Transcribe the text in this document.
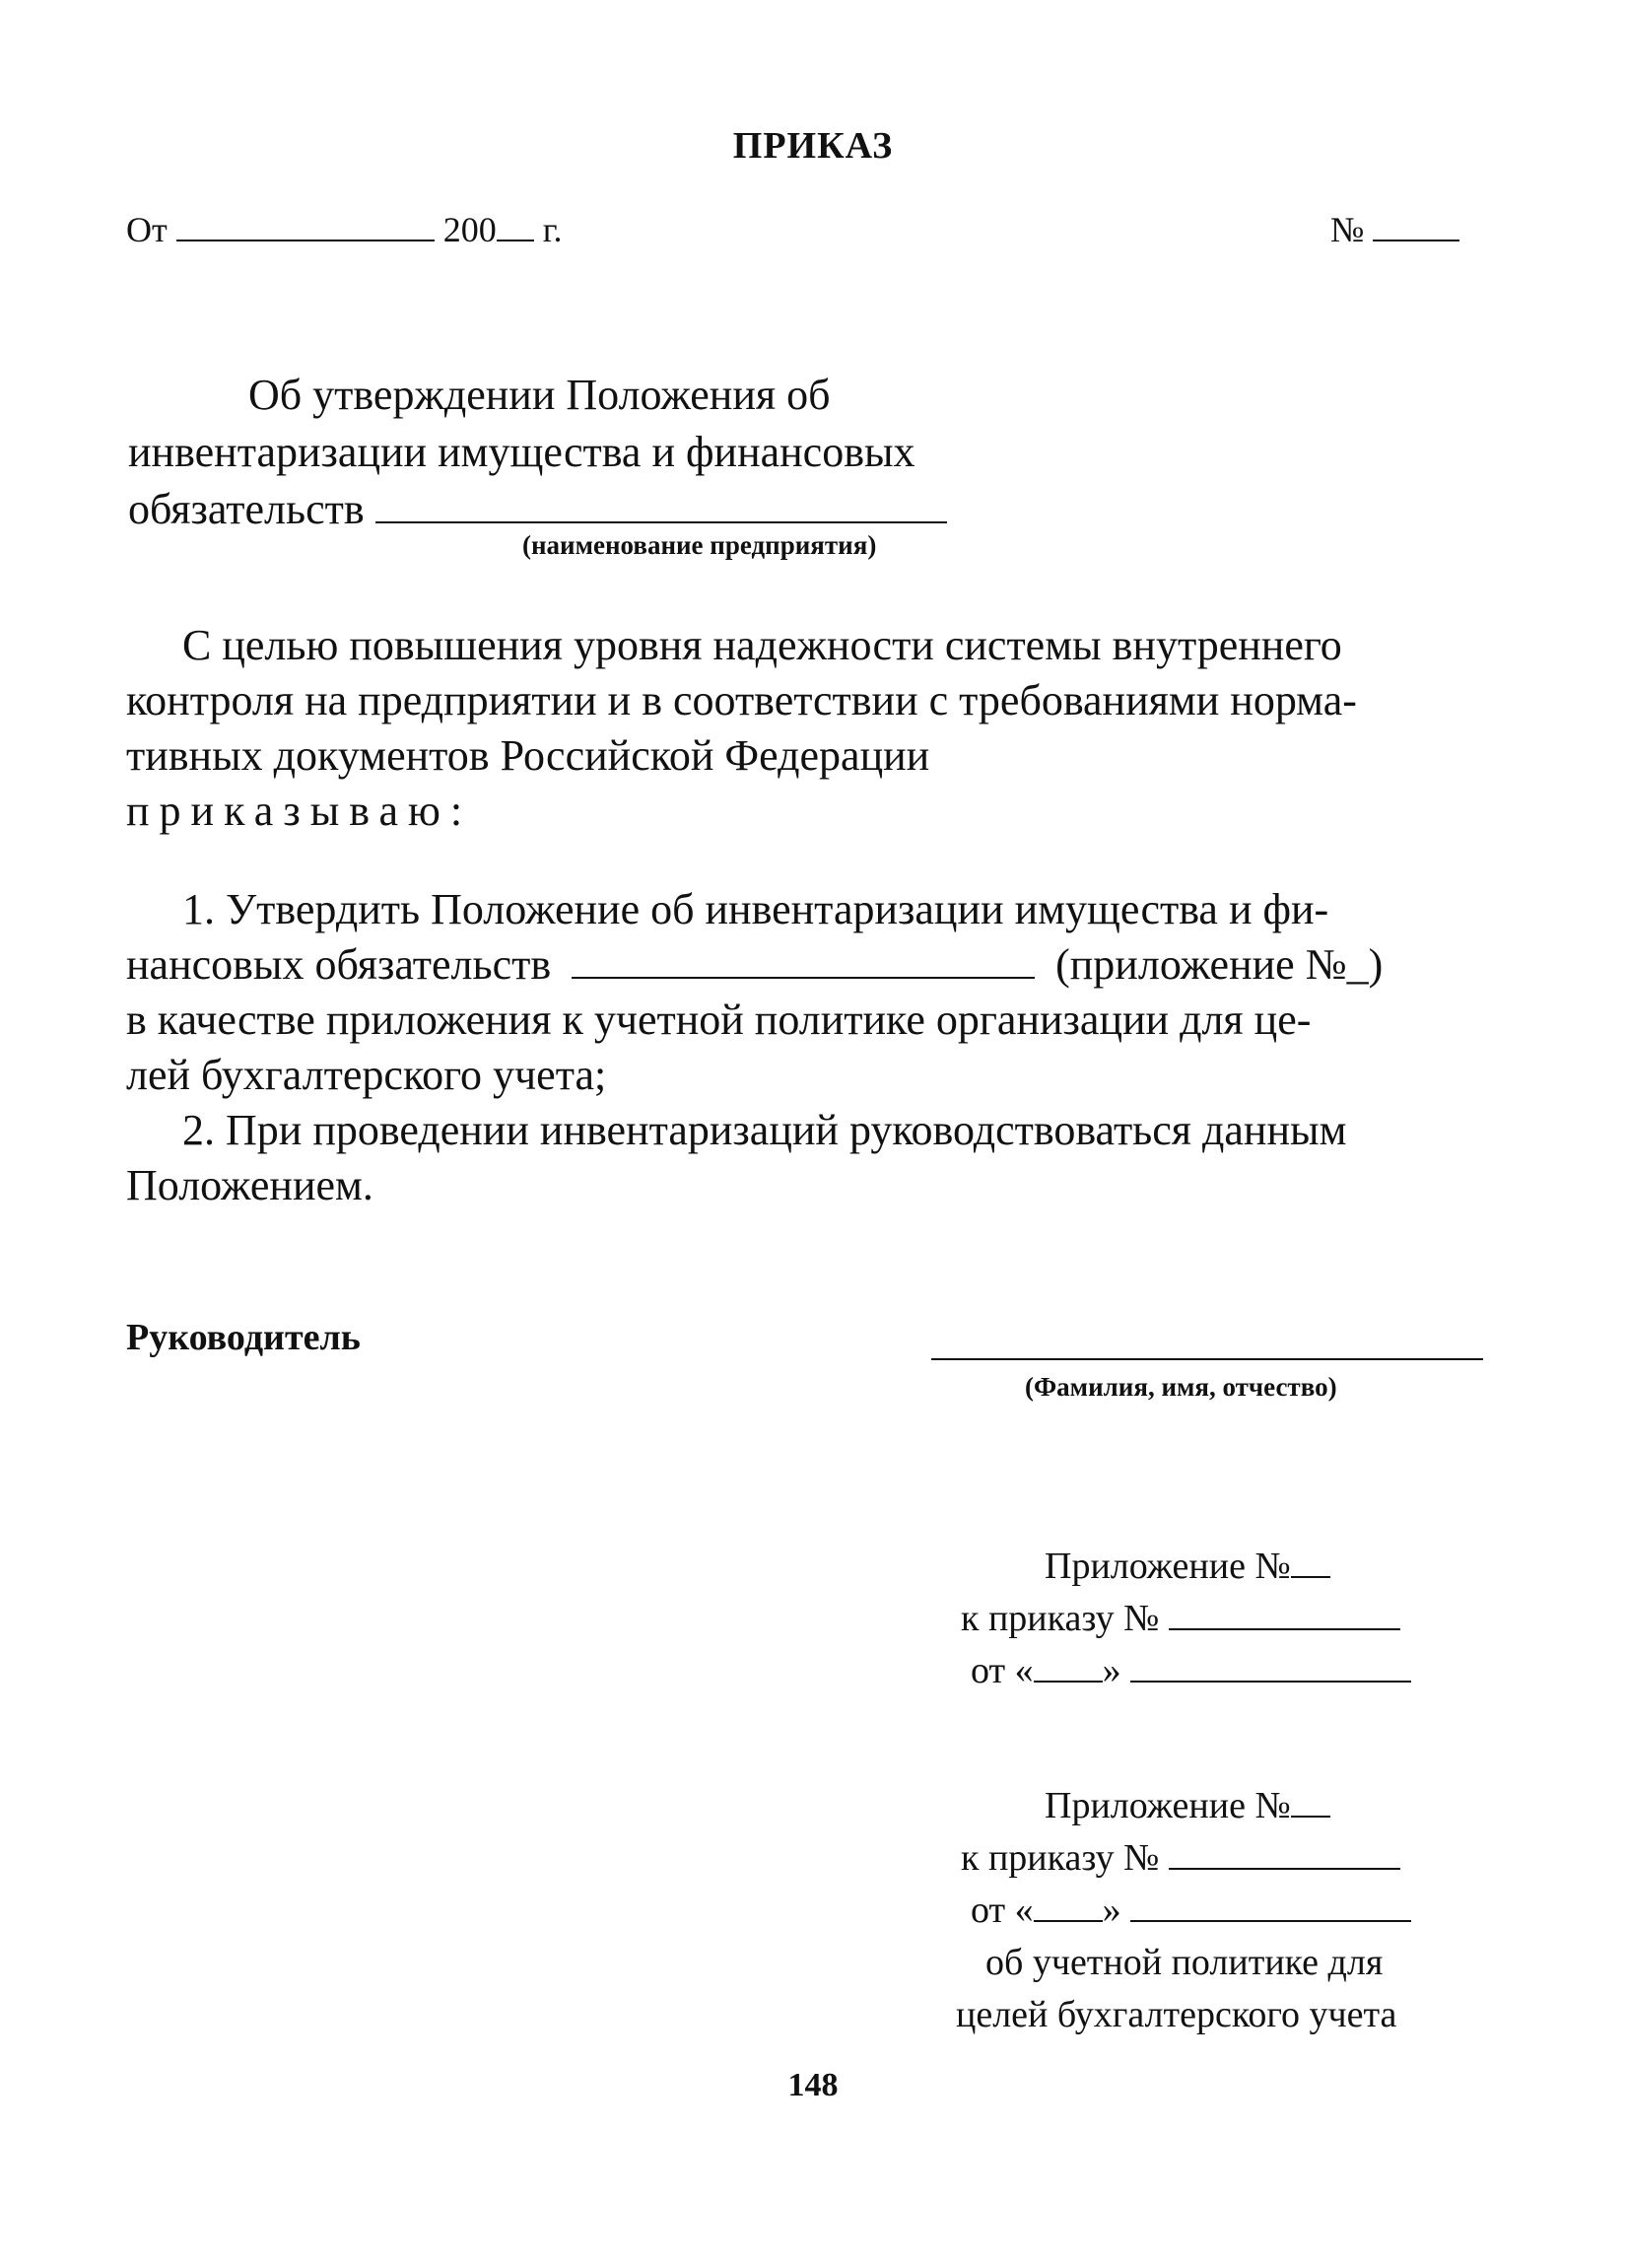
ПРИКАЗ
От	200 г.	№
Об утверждении Положения об
инвентаризации имущества и финансовых
обязательств
(наименование предприятия)
С целью повышения уровня надежности системы внутреннего
контроля на предприятии и в соответствии с требованиями норма-
тивных документов Российской Федерации
приказываю:
1. Утвердить Положение об инвентаризации имущества и фи-
нансовых обязательств	(приложение №_)
в качестве приложения к учетной политике организации для це-
лей бухгалтерского учета;
2. При проведении инвентаризаций руководствоваться данным
Положением.
Руководитель
(Фамилия, имя, отчество)
Приложение №
к приказу №
от « »
Приложение №
к приказу №
от « »
об учетной политике для
целей бухгалтерского учета
148
